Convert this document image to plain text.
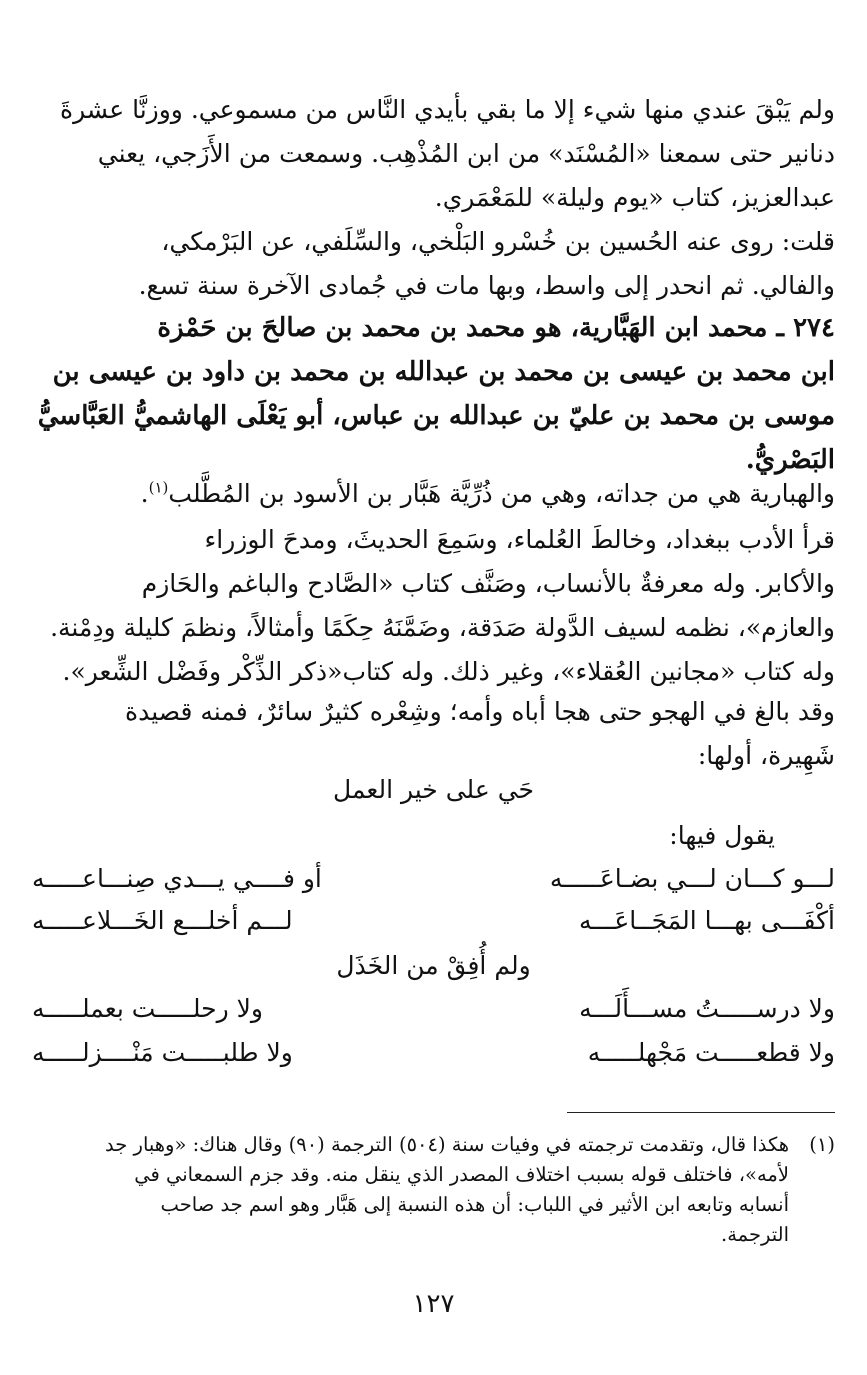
ولم يَبْقَ عندي منها شيء إلا ما بقي بأيدي النَّاس من مسموعي. ووزنَّا عشرةَ
دنانير حتى سمعنا «المُسْنَد» من ابن المُذْهِب. وسمعت من الأَزَجي، يعني
عبدالعزيز، كتاب «يوم وليلة» للمَعْمَري.
قلت: روى عنه الحُسين بن خُسْرو البَلْخي، والسِّلَفي، عن البَرْمكي،
والفالي. ثم انحدر إلى واسط، وبها مات في جُمادى الآخرة سنة تسع.
٢٧٤ ـ محمد ابن الهَبَّارية، هو محمد بن محمد بن صالحَ بن حَمْزة
ابن محمد بن عيسى بن محمد بن عبدالله بن محمد بن داود بن عيسى بن
موسى بن محمد بن عليّ بن عبدالله بن عباس، أبو يَعْلَى الهاشميُّ العَبَّاسيُّ
البَصْريُّ.
والهبارية هي من جداته، وهي من ذُرِّيَّة هَبَّار بن الأسود بن المُطَّلب$^{(١)}$.
قرأ الأدب ببغداد، وخالطَ العُلماء، وسَمِعَ الحديثَ، ومدحَ الوزراء
والأكابر. وله معرفةٌ بالأنساب، وصَنَّف كتاب «الصَّادح والباغم والحَازم
والعازم»، نظمه لسيف الدَّولة صَدَقة، وضَمَّنَهُ حِكَمًا وأمثالاً، ونظمَ كليلة ودِمْنة.
وله كتاب «مجانين العُقلاء»، وغير ذلك. وله كتاب«ذكر الذِّكْر وفَضْل الشِّعر».
وقد بالغ في الهجو حتى هجا أباه وأمه؛ وشِعْره كثيرٌ سائرٌ، فمنه قصيدة
شَهِيرة، أولها:
حَي على خير العمل
يقول فيها:
لـــو كـــان لـــي بضـاعَـــــه
أو فــــي يـــدي صِنـــاعـــــه
أكْفَـــى بهـــا المَجَــاعَـــه
لـــم أخلـــع الخَـــلاعـــــه
ولم أُفِقْ من الخَذَل
ولا درســـــتُ مســـأَلَـــه
ولا رحلـــــت بعملـــــه
ولا قطعـــــت مَجْهلـــــه
ولا طلبـــــت مَنْــــزلـــــه
(١)
هكذا قال، وتقدمت ترجمته في وفيات سنة (٥٠٤) الترجمة (٩٠) وقال هناك: «وهبار جد
لأمه»، فاختلف قوله بسبب اختلاف المصدر الذي ينقل منه. وقد جزم السمعاني في
أنسابه وتابعه ابن الأثير في اللباب: أن هذه النسبة إلى هَبَّار وهو اسم جد صاحب
الترجمة.
١٢٧
